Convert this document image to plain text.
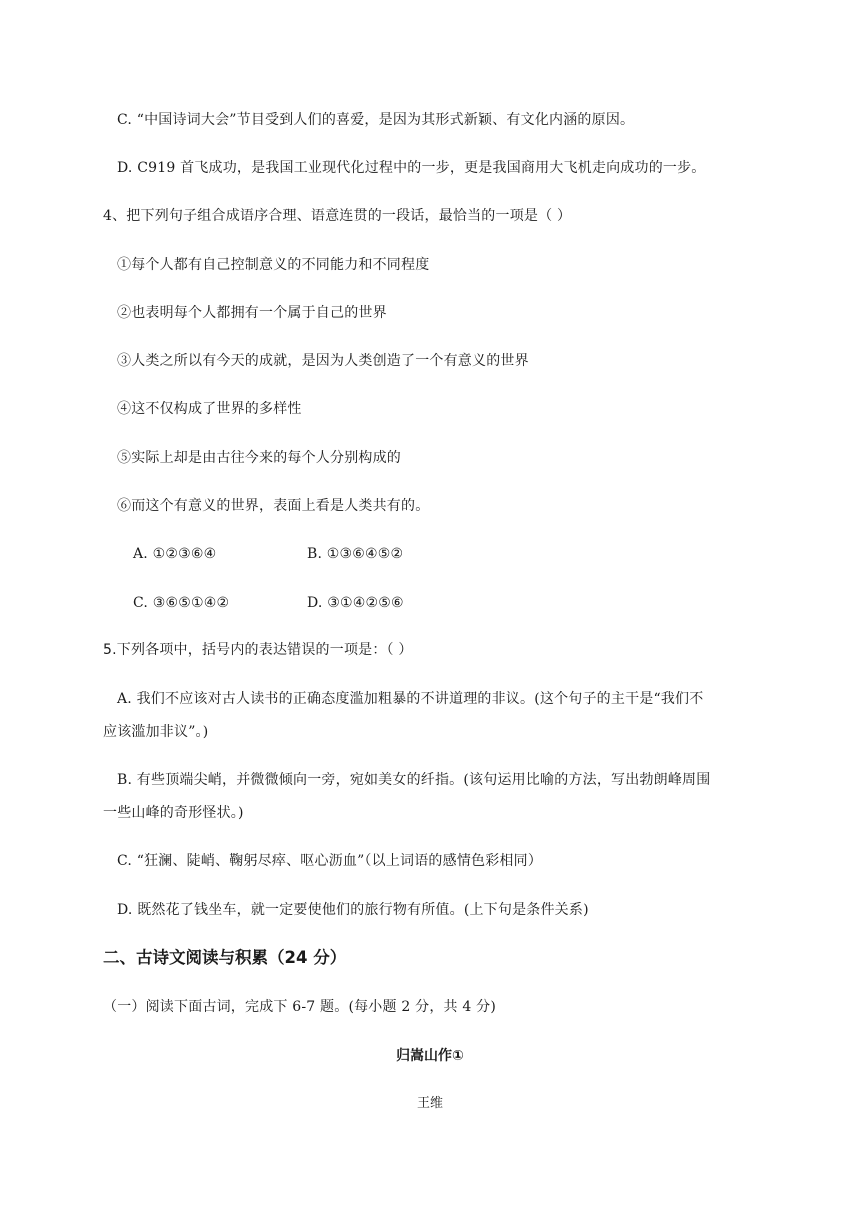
C. “中国诗词大会”节目受到人们的喜爱，是因为其形式新颖、有文化内涵的原因。
D. C919 首飞成功，是我国工业现代化过程中的一步，更是我国商用大飞机走向成功的一步。
4、把下列句子组合成语序合理、语意连贯的一段话，最恰当的一项是（ ）
①每个人都有自己控制意义的不同能力和不同程度
②也表明每个人都拥有一个属于自己的世界
③人类之所以有今天的成就，是因为人类创造了一个有意义的世界
④这不仅构成了世界的多样性
⑤实际上却是由古往今来的每个人分别构成的
⑥而这个有意义的世界，表面上看是人类共有的。
A. ①②③⑥④	B. ①③⑥④⑤②
C. ③⑥⑤①④②	D. ③①④②⑤⑥
5.下列各项中，括号内的表达错误的一项是：（ ）
A. 我们不应该对古人读书的正确态度滥加粗暴的不讲道理的非议。(这个句子的主干是“我们不
应该滥加非议”。)
B. 有些顶端尖峭，并微微倾向一旁，宛如美女的纤指。(该句运用比喻的方法，写出勃朗峰周围
一些山峰的奇形怪状。)
C. “狂澜、陡峭、鞠躬尽瘁、呕心沥血”（以上词语的感情色彩相同）
D. 既然花了钱坐车，就一定要使他们的旅行物有所值。(上下句是条件关系)
二、古诗文阅读与积累（24 分）
（一）阅读下面古词，完成下 6-7 题。(每小题 2 分，共 4 分)
归嵩山作①
王维
